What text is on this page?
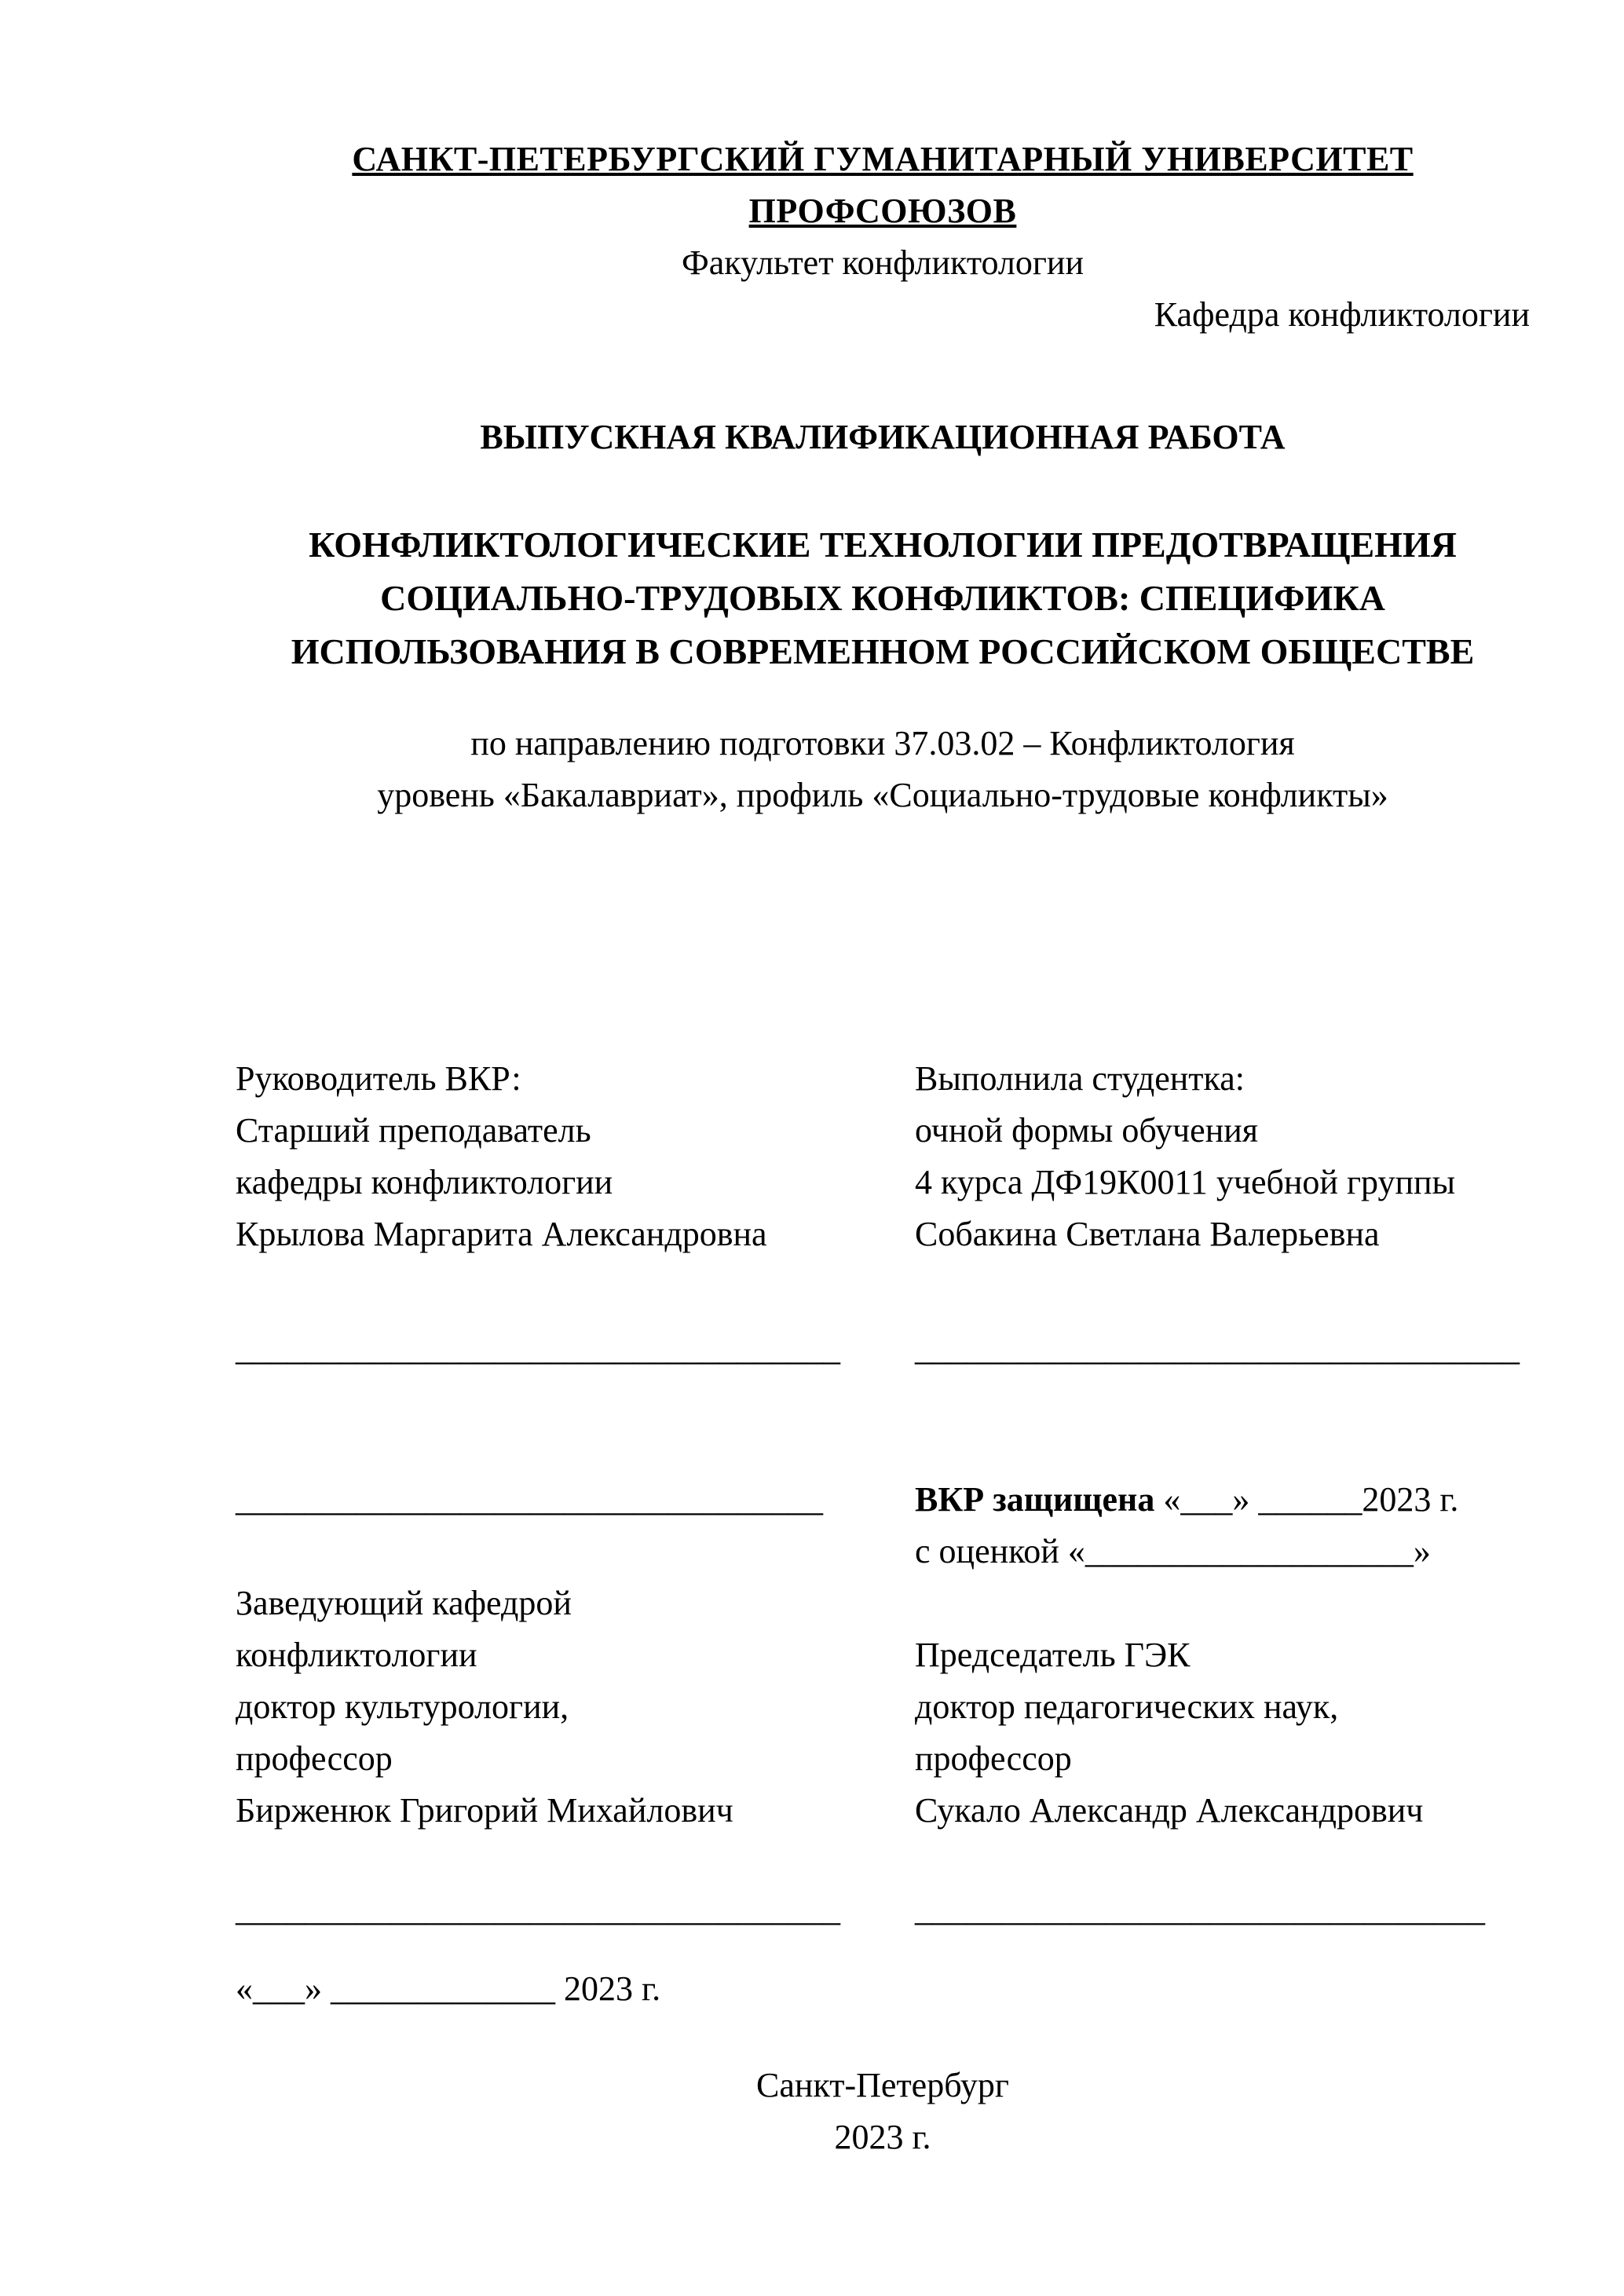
САНКТ-ПЕТЕРБУРГСКИЙ ГУМАНИТАРНЫЙ УНИВЕРСИТЕТ ПРОФСОЮЗОВ
Факультет конфликтологии
Кафедра конфликтологии
ВЫПУСКНАЯ КВАЛИФИКАЦИОННАЯ РАБОТА
КОНФЛИКТОЛОГИЧЕСКИЕ ТЕХНОЛОГИИ ПРЕДОТВРАЩЕНИЯ
СОЦИАЛЬНО-ТРУДОВЫХ КОНФЛИКТОВ: СПЕЦИФИКА
ИСПОЛЬЗОВАНИЯ В СОВРЕМЕННОМ РОССИЙСКОМ ОБЩЕСТВЕ
по направлению подготовки 37.03.02 – Конфликтология
уровень «Бакалавриат», профиль «Социально-трудовые конфликты»
Руководитель ВКР:
Старший преподаватель
кафедры конфликтологии
Крылова Маргарита Александровна
Выполнила студентка:
очной формы обучения
4 курса ДФ19К0011 учебной группы
Собакина Светлана Валерьевна
___________________________________	___________________________________
__________________________________
Заведующий кафедрой
конфликтологии
доктор культурологии,
профессор
Бирженюк Григорий Михайлович
ВКР защищена «___» ______2023 г.
с оценкой «___________________»
Председатель ГЭК
доктор педагогических наук,
профессор
Сукало Александр Александрович
___________________________________	_________________________________
«___» _____________ 2023 г.
Санкт-Петербург
2023 г.
